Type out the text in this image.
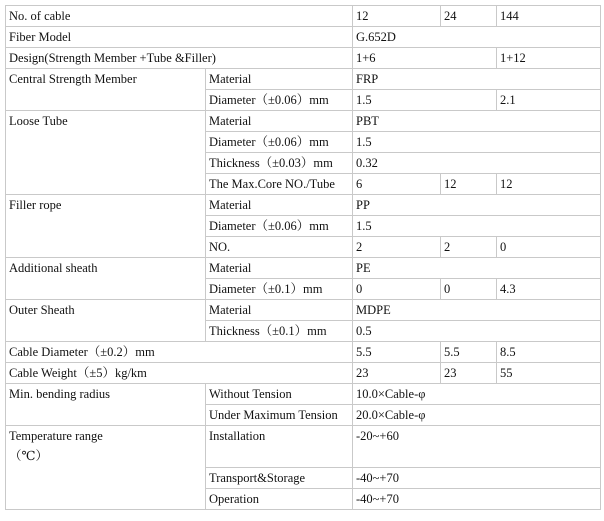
No. of cable		12	24	144
Fiber Model		G.652D		
Design(Strength Member +Tube &Filler)		1+6		1+12
Central Strength Member	Material	FRP		
	Diameter（±0.06）mm	1.5		2.1
Loose Tube	Material	PBT		
	Diameter（±0.06）mm	1.5		
	Thickness（±0.03）mm	0.32		
	The Max.Core NO./Tube	6	12	12
Filler rope	Material	PP		
	Diameter（±0.06）mm	1.5		
	NO.	2	2	0
Additional sheath	Material	PE		
	Diameter（±0.1）mm	0	0	4.3
Outer Sheath	Material	MDPE		
	Thickness（±0.1）mm	0.5		
Cable Diameter（±0.2）mm		5.5	5.5	8.5
Cable Weight（±5）kg/km		23	23	55
Min. bending radius	Without Tension	10.0×Cable-φ		
	Under Maximum Tension	20.0×Cable-φ		

Temperature range
（℃）	Installation	-20~+60		
	Transport&Storage	-40~+70		
	Operation	-40~+70		
